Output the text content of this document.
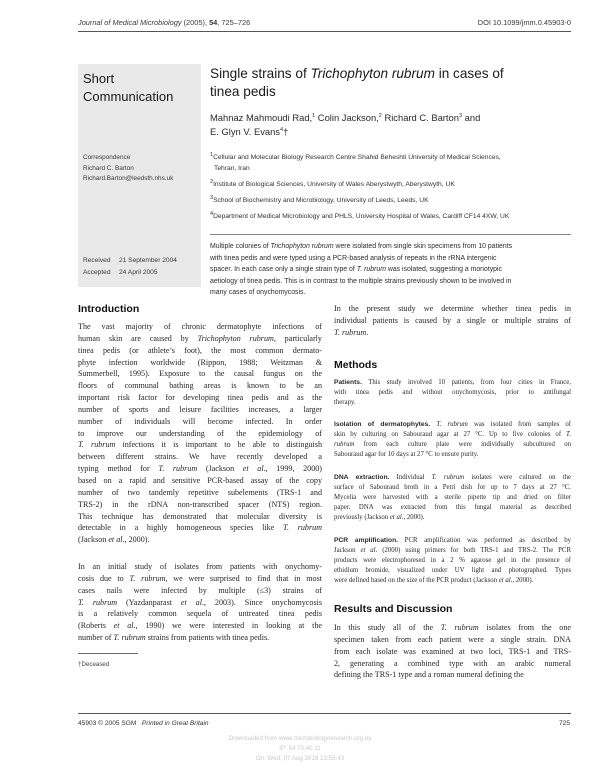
Journal of Medical Microbiology (2005), 54, 725–726	DOI 10.1099/jmm.0.45903-0
Short
Communication
Correspondence
Richard C. Barton
Richard.Barton@leedsth.nhs.uk
Received 21 September 2004
Accepted 24 April 2005
Single strains of Trichophyton rubrum in cases of
tinea pedis
Mahnaz Mahmoudi Rad,$^1$ Colin Jackson,$^2$ Richard C. Barton$^3$ and
E. Glyn V. Evans$^4$†
$^1$Cellular and Molecular Biology Research Centre Shahid Beheshti University of Medical Sciences,
Tehran, Iran
$^2$Institute of Biological Sciences, University of Wales Aberystwyth, Aberystwyth, UK
$^3$School of Biochemistry and Microbiology, University of Leeds, Leeds, UK
$^4$Department of Medical Microbiology and PHLS, University Hospital of Wales, Cardiff CF14 4XW, UK
Multiple colonies of Trichophyton rubrum were isolated from single skin specimens from 10 patients
with tinea pedis and were typed using a PCR-based analysis of repeats in the rRNA intergenic
spacer. In each case only a single strain type of T. rubrum was isolated, suggesting a monotypic
aetiology of tinea pedis. This is in contrast to the multiple strains previously shown to be involved in
many cases of onychomycosis.
Introduction
The vast majority of chronic dermatophyte infections of
human skin are caused by Trichophyton rubrum, particularly
tinea pedis (or athlete’s foot), the most common dermato-
phyte infection worldwide (Rippon, 1988; Weitzman &
Summerbell, 1995). Exposure to the causal fungus on the
floors of communal bathing areas is known to be an
important risk factor for developing tinea pedis and as the
number of sports and leisure facilities increases, a larger
number of individuals will become infected. In order
to improve our understanding of the epidemiology of
T. rubrum infections it is important to be able to distinguish
between different strains. We have recently developed a
typing method for T. rubrum (Jackson et al., 1999, 2000)
based on a rapid and sensitive PCR-based assay of the copy
number of two tandemly repetitive subelements (TRS-1 and
TRS-2) in the rDNA non-transcribed spacer (NTS) region.
This technique has demonstrated that molecular diversity is
detectable in a highly homogeneous species like T. rubrum
(Jackson et al., 2000).
In an initial study of isolates from patients with onychomy-
cosis due to T. rubrum, we were surprised to find that in most
cases nails were infected by multiple (≤3) strains of
T. rubrum (Yazdanparast et al., 2003). Since onychomycosis
is a relatively common sequela of untreated tinea pedis
(Roberts et al., 1990) we were interested in looking at the
number of T. rubrum strains from patients with tinea pedis.
In the present study we determine whether tinea pedis in
individual patients is caused by a single or multiple strains of
T. rubrum.
Methods
Patients. This study involved 10 patients, from four cities in France,
with tinea pedis and without onychomycosis, prior to antifungal
therapy.
Isolation of dermatophytes. T. rubrum was isolated from samples of
skin by culturing on Sabouraud agar at 27 °C. Up to five colonies of T.
rubrum from each culture plate were individually subcultured on
Sabouraud agar for 10 days at 27 °C to ensure purity.
DNA extraction. Individual T. rubrum isolates were cultured on the
surface of Sabouraud broth in a Petri dish for up to 7 days at 27 °C.
Mycelia were harvested with a sterile pipette tip and dried on filter
paper. DNA was extracted from this fungal material as described
previously (Jackson et al., 2000).
PCR amplification. PCR amplification was performed as described by
Jackson et al. (2000) using primers for both TRS-1 and TRS-2. The PCR
products were electrophoresed in a 2 % agarose gel in the presence of
ethidium bromide, visualized under UV light and photographed. Types
were defined based on the size of the PCR product (Jackson et al., 2000).
Results and Discussion
In this study all of the T. rubrum isolates from the one
specimen taken from each patient were a single strain. DNA
from each isolate was examined at two loci, TRS-1 and TRS-
2, generating a combined type with an arabic numeral
defining the TRS-1 type and a roman numeral defining the
†Deceased
45903 © 2005 SGM Printed in Great Britain	725
Downloaded from www.microbiologyresearch.org by
IP: 54.70.40.11
On: Wed, 07 Aug 2019 13:55:43
